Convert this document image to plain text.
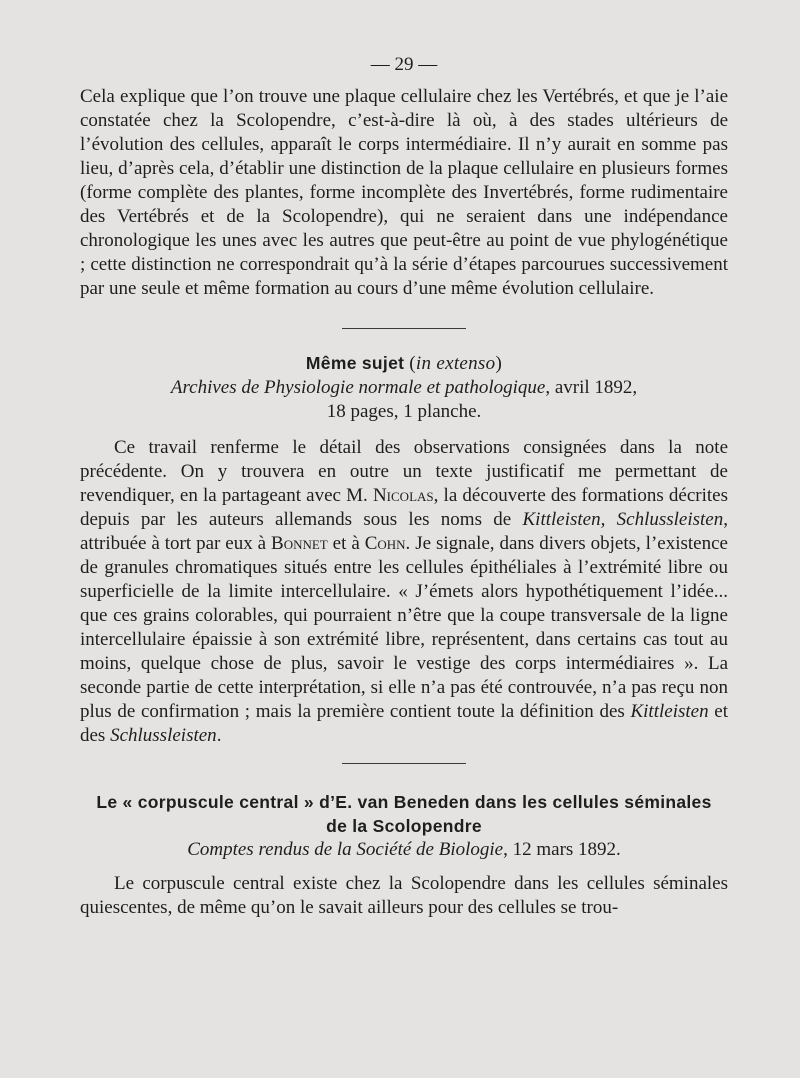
— 29 —

Cela explique que l’on trouve une plaque cellulaire chez les Vertébrés, et que je l’aie constatée chez la Scolopendre, c’est-à-dire là où, à des stades ultérieurs de l’évolution des cellules, apparaît le corps intermédiaire. Il n’y aurait en somme pas lieu, d’après cela, d’établir une distinction de la plaque cellulaire en plusieurs formes (forme complète des plantes, forme incomplète des Invertébrés, forme rudimentaire des Vertébrés et de la Scolopendre), qui ne seraient dans une indépendance chronologique les unes avec les autres que peut-être au point de vue phylogénétique ; cette distinction ne correspondrait qu’à la série d’étapes parcourues successivement par une seule et même formation au cours d’une même évolution cellulaire.

Même sujet (in extenso)
Archives de Physiologie normale et pathologique, avril 1892,
18 pages, 1 planche.

Ce travail renferme le détail des observations consignées dans la note précédente. On y trouvera en outre un texte justificatif me permettant de revendiquer, en la partageant avec M. Nicolas, la découverte des formations décrites depuis par les auteurs allemands sous les noms de Kittleisten, Schlussleisten, attribuée à tort par eux à Bonnet et à Cohn. Je signale, dans divers objets, l’existence de granules chromatiques situés entre les cellules épithéliales à l’extrémité libre ou superficielle de la limite intercellulaire. « J’émets alors hypothétiquement l’idée... que ces grains colorables, qui pourraient n’être que la coupe transversale de la ligne intercellulaire épaissie à son extrémité libre, représentent, dans certains cas tout au moins, quelque chose de plus, savoir le vestige des corps intermédiaires ». La seconde partie de cette interprétation, si elle n’a pas été controuvée, n’a pas reçu non plus de confirmation ; mais la première contient toute la définition des Kittleisten et des Schlussleisten.

Le « corpuscule central » d’E. van Beneden dans les cellules séminales
de la Scolopendre
Comptes rendus de la Société de Biologie, 12 mars 1892.

Le corpuscule central existe chez la Scolopendre dans les cellules séminales quiescentes, de même qu’on le savait ailleurs pour des cellules se trou-
